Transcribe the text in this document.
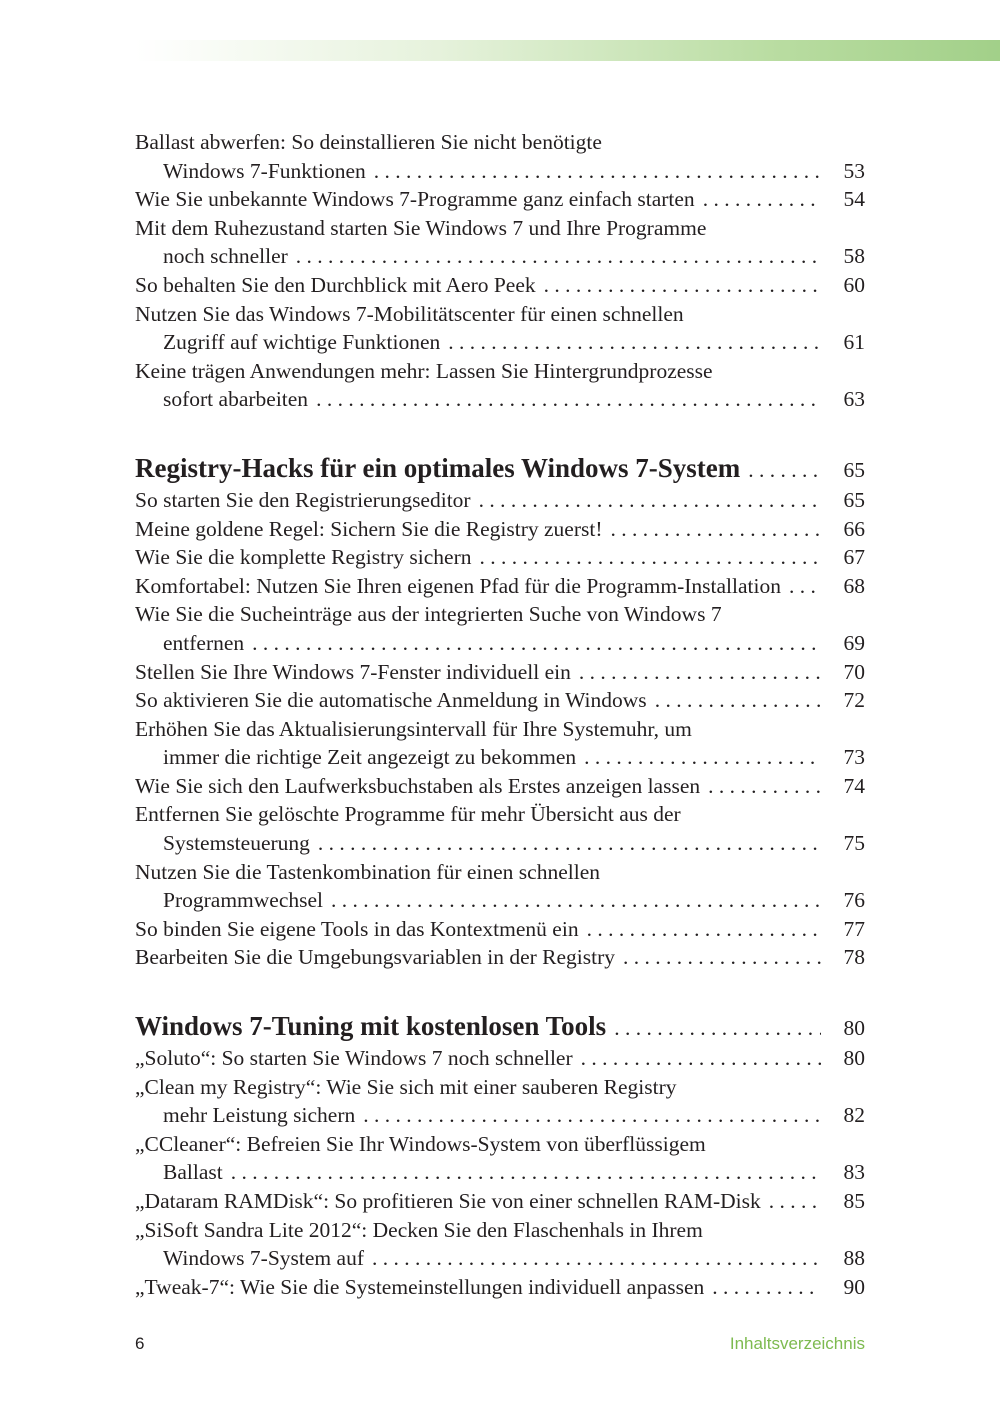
Ballast abwerfen: So deinstallieren Sie nicht benötigte
Windows 7-Funktionen . . .	53
Wie Sie unbekannte Windows 7-Programme ganz einfach starten . . .	54
Mit dem Ruhezustand starten Sie Windows 7 und Ihre Programme
noch schneller . . .	58
So behalten Sie den Durchblick mit Aero Peek . . .	60
Nutzen Sie das Windows 7-Mobilitätscenter für einen schnellen
Zugriff auf wichtige Funktionen . . .	61
Keine trägen Anwendungen mehr: Lassen Sie Hintergrundprozesse
sofort abarbeiten . . .	63
Registry-Hacks für ein optimales Windows 7-System . . .	65
So starten Sie den Registrierungseditor . . .	65
Meine goldene Regel: Sichern Sie die Registry zuerst! . . .	66
Wie Sie die komplette Registry sichern . . .	67
Komfortabel: Nutzen Sie Ihren eigenen Pfad für die Programm-Installation . . .	68
Wie Sie die Sucheinträge aus der integrierten Suche von Windows 7
entfernen . . .	69
Stellen Sie Ihre Windows 7-Fenster individuell ein . . .	70
So aktivieren Sie die automatische Anmeldung in Windows . . .	72
Erhöhen Sie das Aktualisierungsintervall für Ihre Systemuhr, um
immer die richtige Zeit angezeigt zu bekommen . . .	73
Wie Sie sich den Laufwerksbuchstaben als Erstes anzeigen lassen . . .	74
Entfernen Sie gelöschte Programme für mehr Übersicht aus der
Systemsteuerung . . .	75
Nutzen Sie die Tastenkombination für einen schnellen
Programmwechsel . . .	76
So binden Sie eigene Tools in das Kontextmenü ein . . .	77
Bearbeiten Sie die Umgebungsvariablen in der Registry . . .	78
Windows 7-Tuning mit kostenlosen Tools . . .	80
„Soluto“: So starten Sie Windows 7 noch schneller . . .	80
„Clean my Registry“: Wie Sie sich mit einer sauberen Registry
mehr Leistung sichern . . .	82
„CCleaner“: Befreien Sie Ihr Windows-System von überflüssigem
Ballast . . .	83
„Dataram RAMDisk“: So profitieren Sie von einer schnellen RAM-Disk . . .	85
„SiSoft Sandra Lite 2012“: Decken Sie den Flaschenhals in Ihrem
Windows 7-System auf . . .	88
„Tweak-7“: Wie Sie die Systemeinstellungen individuell anpassen . . .	90
6	Inhaltsverzeichnis
